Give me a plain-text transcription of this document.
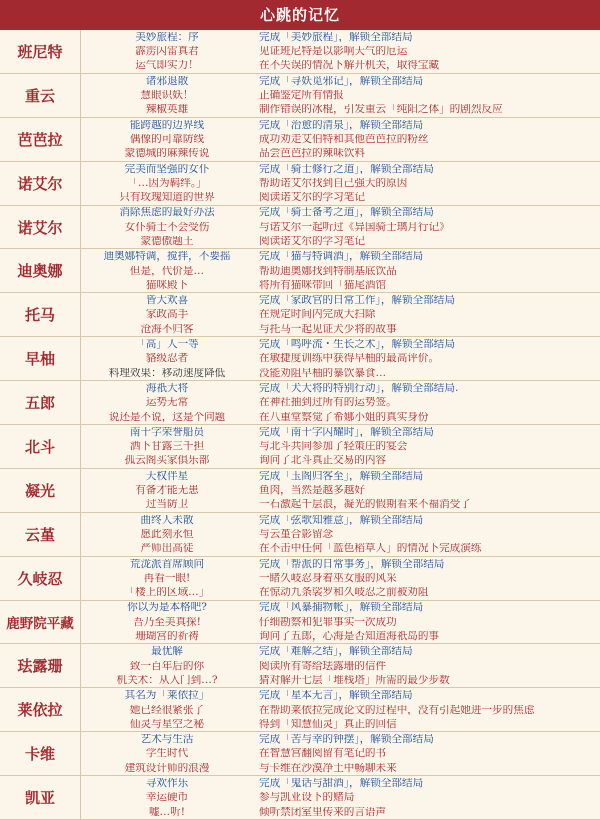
心跳的记忆
班尼特
美妙旅程：序	完成「美妙旅程」，解锁全部结局
霹雳闪雷真君	见证班尼特是以影响天气的厄运
运气即实力！	在不失误的情况下解开机关，取得宝藏
重云
诸邪退散	完成「寻妖觅邪记」，解锁全部结局
慧眼识妖！	正确鉴定所有情报
辣椒英雄	制作错误的冰棍，引发重云「纯阳之体」的剧烈反应
芭芭拉
能跨越的边界线	完成「治愈的清泉」，解锁全部结局
偶像的可靠防线	成功劝走艾伯特和其他芭芭拉的粉丝
蒙德城的麻辣传说	品尝芭芭拉的辣味饮料
诺艾尔
完美而坚强的女仆	完成「骑士修行之道」，解锁全部结局
「…因为羁绊。」	帮助诺艾尔找到自己强大的原因
只有玫瑰知道的世界	阅读诺艾尔的学习笔记
诺艾尔
消除焦虑的最好办法	完成「骑士备考之道」，解锁全部结局
女仆骑士不会受伤	与诺艾尔一起听过《异国骑士璃月行记》
蒙德傲题王	阅读诺艾尔的学习笔记
迪奥娜
迪奥娜特调，搅拌，不要摇	完成「猫与特调酒」，解锁全部结局
但是，代价是…	帮助迪奥娜找到特制基底饮品
猫咪殿下	将所有猫咪带回「猫尾酒馆
托马
皆大欢喜	完成「家政官的日常工作」，解锁全部结局
家政高手	在规定时间内完成大扫除
沧海不归客	与托马一起见证犬少将的故事
早柚
「高」人一等	完成「鸣呼流・生长之术」，解锁全部结局
貉级忍者	在敏捷度训练中获得早柚的最高评价。
料理效果：移动速度降低	没能劝阻早柚的暴饮暴食…
五郎
海祇大将	完成「犬大将的特别行动」，解锁全部结局.
运势无常	在神社抽到过所有的运势签。
说还是不说，这是个问题	在八重堂察觉了希娜小姐的真实身份
北斗
南十字荣誉船员	完成「南十字闪耀时」，解锁全部结局
洒下甘露三千担	与北斗共同参加了轻策庄的宴会
孤云阁买家俱乐部	询问了北斗真正交易的内容
凝光
天权伴星	完成「玉阁归客至」，解锁全部结局
有备才能无患	鱼肉，当然是越多越好
过当防卫	一石激起千层浪，凝光的假期看来不福消受了
云堇
曲终人未散	完成「弦歌知雅意」，解锁全部结局
愿此刻永恒	与云堇合影留念
严师出高徒	在不击中任何「蓝色稻草人」的情况下完成演练
久岐忍
荒泷派首席顾问	完成「帮派的日常事务」，解锁全部结局
再看一眼!	一睹久岐忍身着巫女服的风采
「楼上的区域…」	在惊动九条裟罗和久岐忍之前被劝阻
鹿野院平藏
你以为是本格吧?	完成「风暴捕物帐」，解锁全部结局
吾乃至美真探!	仔细勘察和犯罪事实一次成功
珊瑚宫的祈祷	询问了五郎，心海是否知道海祇岛的事
珐露珊
最优解	完成「难解之结」，解锁全部结局
致一百年后的你	阅读所有寄给珐露珊的信件
机关术：从入门到…?	猜对解开七层「堆栈塔」所需的最少步数
莱依拉
其名为「莱依拉」	完成「星本无言」，解锁全部结局
她已经很紧张了	在帮助莱依拉完成论文的过程中，没有引起她进一步的焦虑
仙灵与星空之秘	得到「知慧仙灵」真正的回信
卡维
艺术与生活	完成「苦与幸的钟摆」，解锁全部结局
学生时代	在智慧宫翻阅留有笔记的书
建筑设计师的浪漫	与卡维在沙漠净土中畅聊未来
凯亚
寻欢作乐	完成「鬼话与甜酒」，解锁全部结局
幸运硬币	参与凯亚设下的赌局
嘘…听!	倾听禁闭室里传来的言语声
